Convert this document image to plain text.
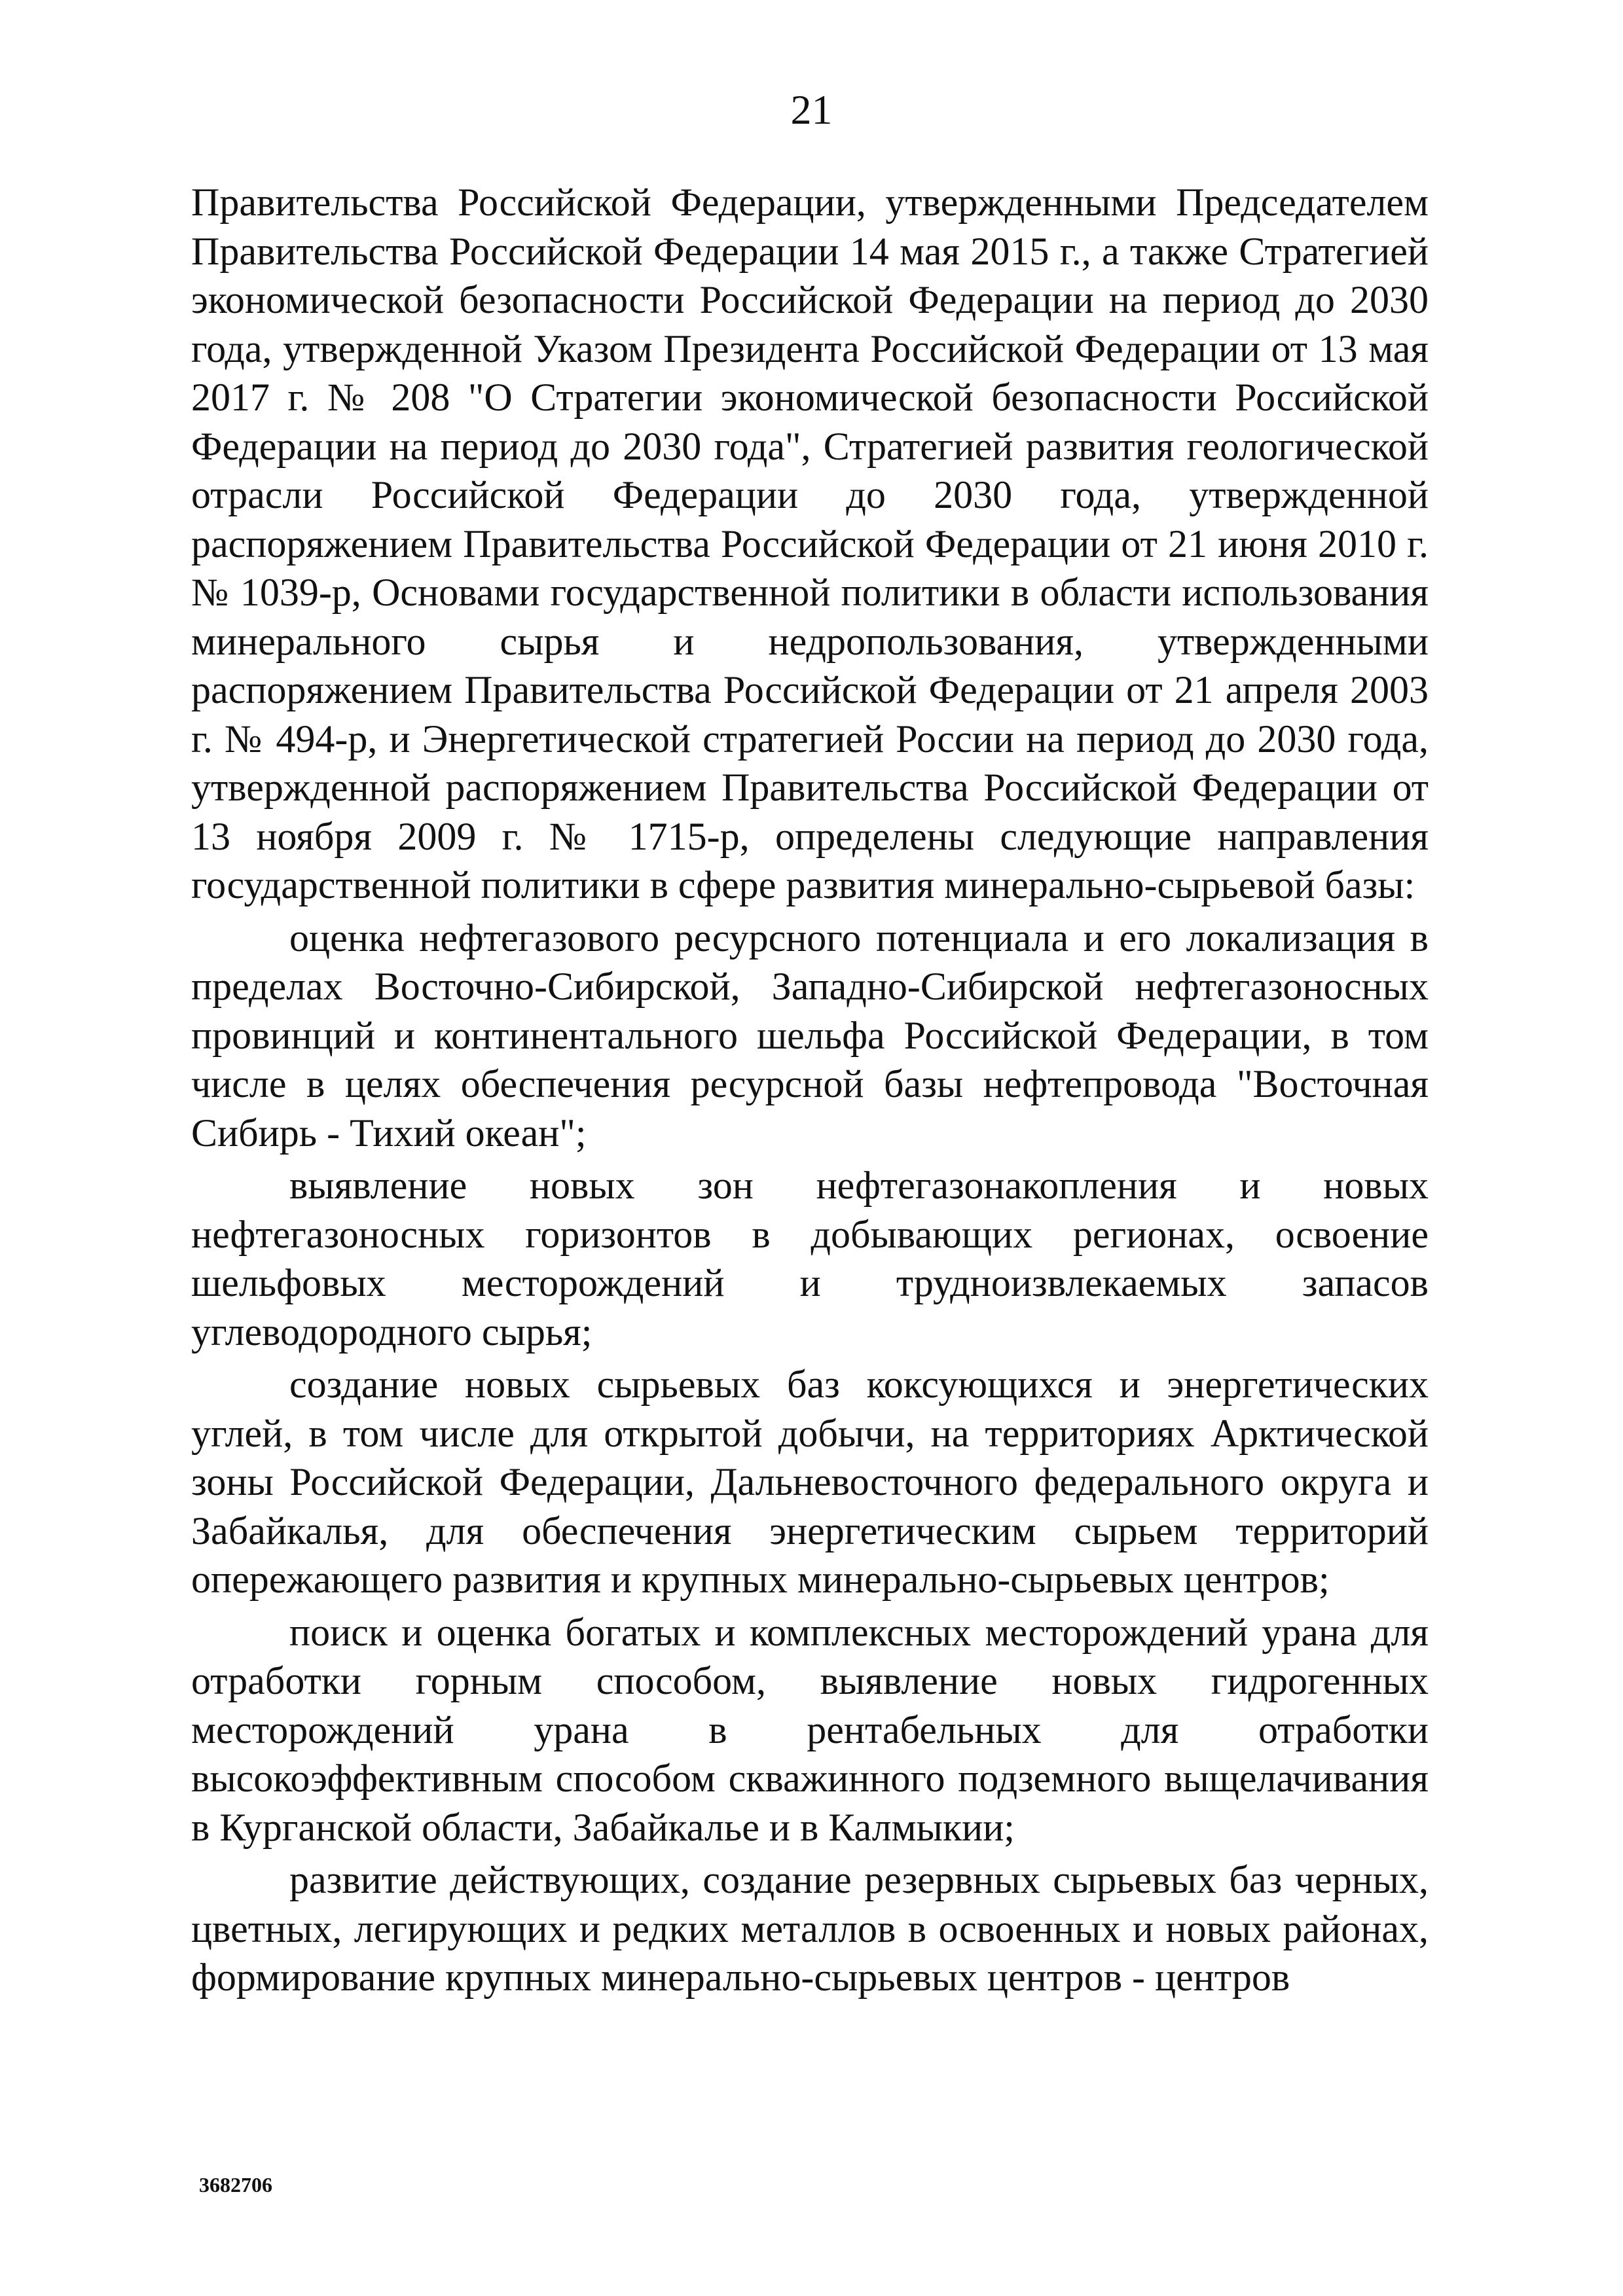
21

Правительства Российской Федерации, утвержденными Председателем Правительства Российской Федерации 14 мая 2015 г., а также Стратегией экономической безопасности Российской Федерации на период до 2030 года, утвержденной Указом Президента Российской Федерации от 13 мая 2017 г. № 208 "О Стратегии экономической безопасности Российской Федерации на период до 2030 года", Стратегией развития геологической отрасли Российской Федерации до 2030 года, утвержденной распоряжением Правительства Российской Федерации от 21 июня 2010 г. № 1039-р, Основами государственной политики в области использования минерального сырья и недропользования, утвержденными распоряжением Правительства Российской Федерации от 21 апреля 2003 г. № 494-р, и Энергетической стратегией России на период до 2030 года, утвержденной распоряжением Правительства Российской Федерации от 13 ноября 2009 г. № 1715-р, определены следующие направления государственной политики в сфере развития минерально-сырьевой базы:

оценка нефтегазового ресурсного потенциала и его локализация в пределах Восточно-Сибирской, Западно-Сибирской нефтегазоносных провинций и континентального шельфа Российской Федерации, в том числе в целях обеспечения ресурсной базы нефтепровода "Восточная Сибирь - Тихий океан";

выявление новых зон нефтегазонакопления и новых нефтегазоносных горизонтов в добывающих регионах, освоение шельфовых месторождений и трудноизвлекаемых запасов углеводородного сырья;

создание новых сырьевых баз коксующихся и энергетических углей, в том числе для открытой добычи, на территориях Арктической зоны Российской Федерации, Дальневосточного федерального округа и Забайкалья, для обеспечения энергетическим сырьем территорий опережающего развития и крупных минерально-сырьевых центров;

поиск и оценка богатых и комплексных месторождений урана для отработки горным способом, выявление новых гидрогенных месторождений урана в рентабельных для отработки высокоэффективным способом скважинного подземного выщелачивания в Курганской области, Забайкалье и в Калмыкии;

развитие действующих, создание резервных сырьевых баз черных, цветных, легирующих и редких металлов в освоенных и новых районах, формирование крупных минерально-сырьевых центров - центров

3682706
